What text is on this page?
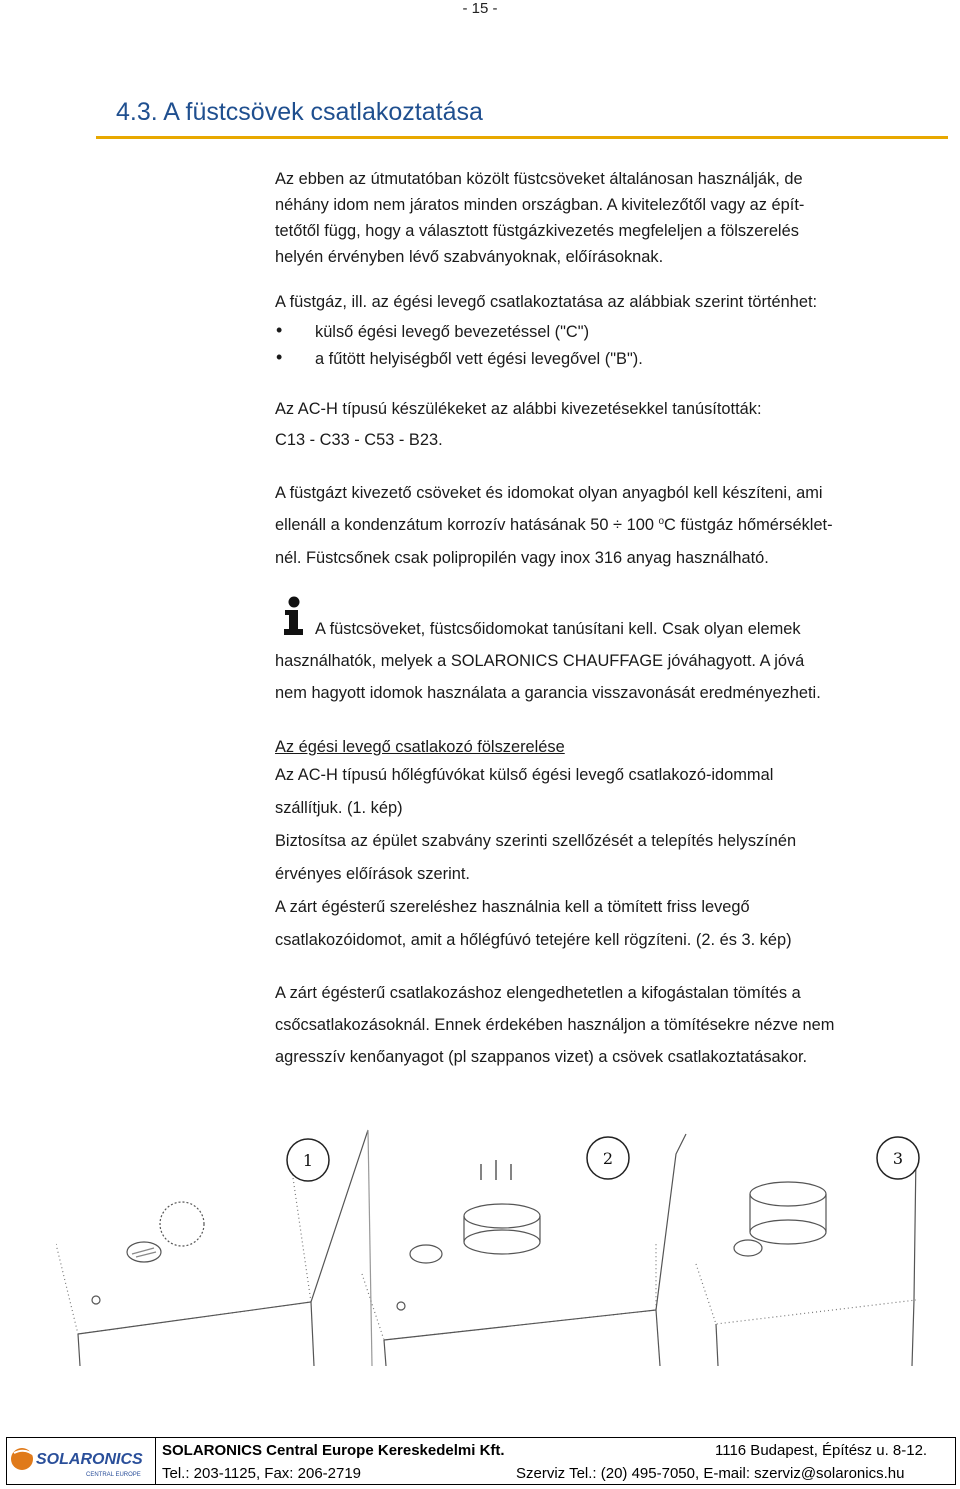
- 15 -
4.3. A füstcsövek csatlakoztatása
Az ebben az útmutatóban közölt füstcsöveket általánosan használják, de
néhány idom nem járatos minden országban. A kivitelezőtől vagy az épít-
tetőtől függ, hogy a választott füstgázkivezetés megfeleljen a fölszerelés
helyén érvényben lévő szabványoknak, előírásoknak.
A füstgáz, ill. az égési levegő csatlakoztatása az alábbiak szerint történhet:
• külső égési levegő bevezetéssel ("C")
• a fűtött helyiségből vett égési levegővel ("B").
Az AC-H típusú készülékeket az alábbi kivezetésekkel tanúsították:
C13 - C33 - C53 - B23.
A füstgázt kivezető csöveket és idomokat olyan anyagból kell készíteni, ami
ellenáll a kondenzátum korrozív hatásának 50 ÷ 100 $^o$C füstgáz hőmérséklet-
nél. Füstcsőnek csak polipropilén vagy inox 316 anyag használható.
A füstcsöveket, füstcsőidomokat tanúsítani kell. Csak olyan elemek
használhatók, melyek a SOLARONICS CHAUFFAGE jóváhagyott. A jóvá
nem hagyott idomok használata a garancia visszavonását eredményezheti.
Az égési levegő csatlakozó fölszerelése
Az AC-H típusú hőlégfúvókat külső égési levegő csatlakozó-idommal
szállítjuk. (1. kép)
Biztosítsa az épület szabvány szerinti szellőzését a telepítés helyszínén
érvényes előírások szerint.
A zárt égésterű szereléshez használnia kell a tömített friss levegő
csatlakozóidomot, amit a hőlégfúvó tetejére kell rögzíteni. (2. és 3. kép)
A zárt égésterű csatlakozáshoz elengedhetetlen a kifogástalan tömítés a
csőcsatlakozásoknál. Ennek érdekében használjon a tömítésekre nézve nem
agresszív kenőanyagot (pl szappanos vizet) a csövek csatlakoztatásakor.
1	2	3
SOLARONICS
CENTRAL EUROPE
SOLARONICS Central Europe Kereskedelmi Kft.	1116 Budapest, Építész u. 8-12.
Tel.: 203-1125, Fax: 206-2719	Szerviz Tel.: (20) 495-7050, E-mail: szerviz@solaronics.hu
